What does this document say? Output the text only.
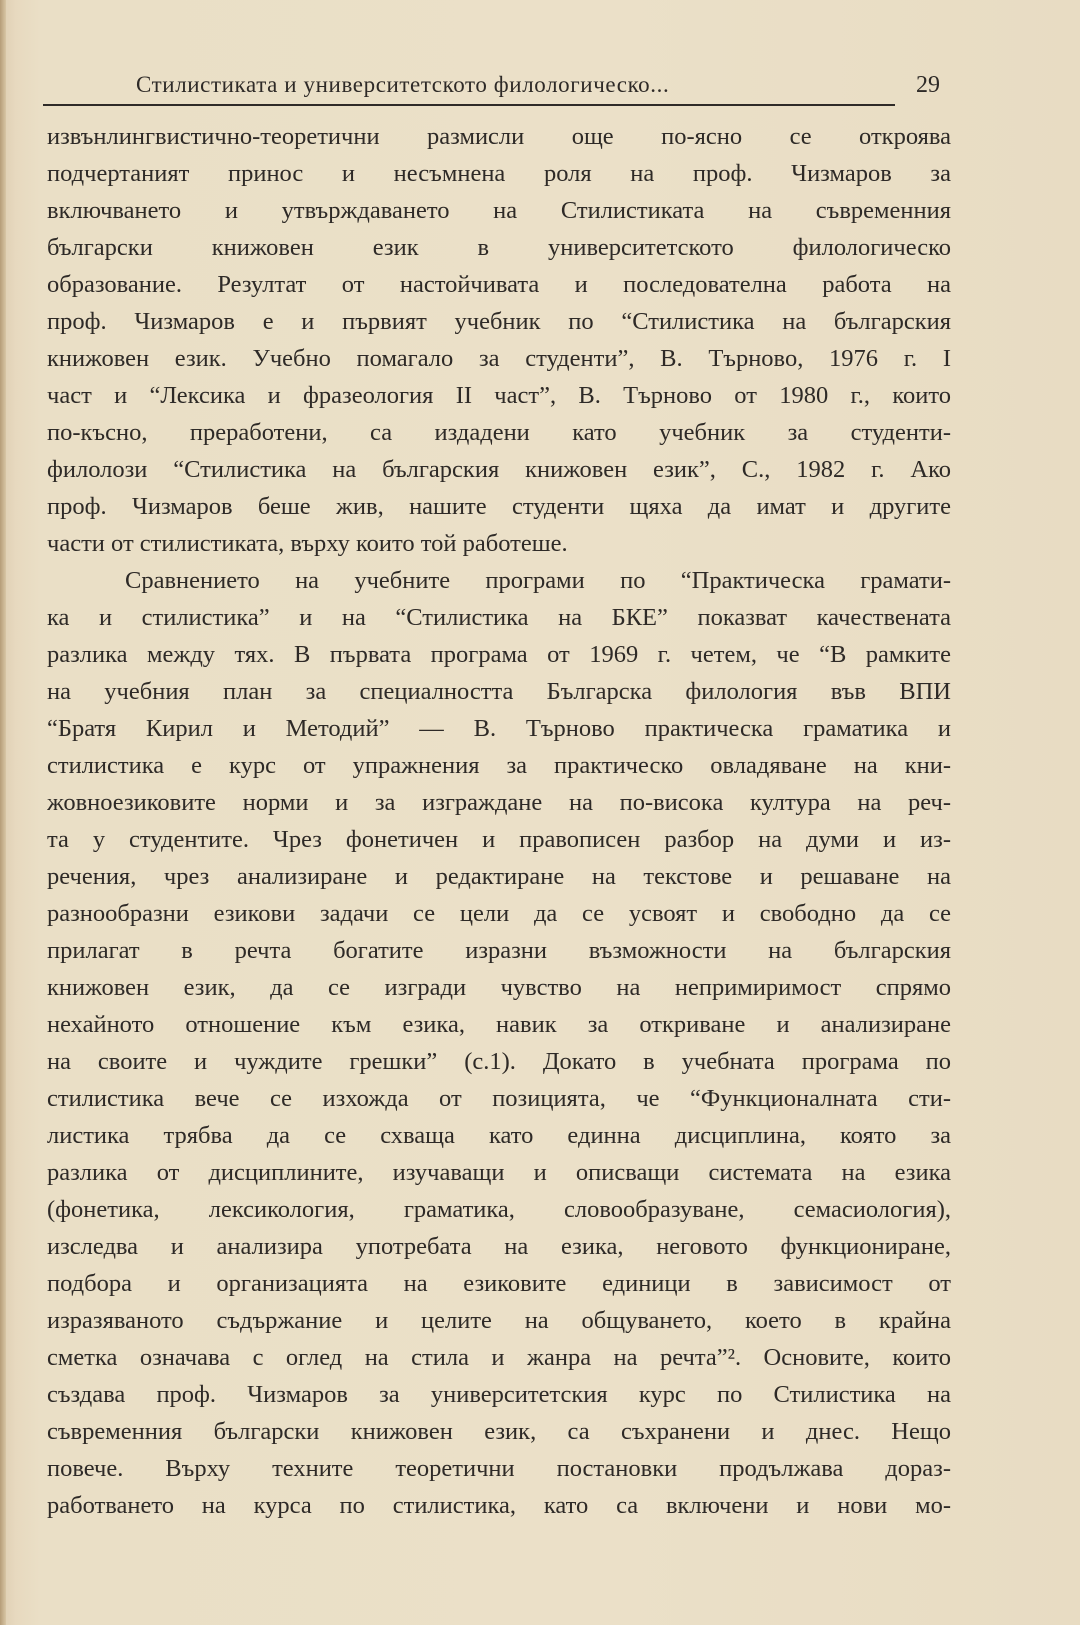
Стилистиката и университетското филологическо...	29
извънлингвистично-теоретични размисли още по-ясно се откроява
подчертаният принос и несъмнена роля на проф. Чизмаров за
включването и утвърждаването на Стилистиката на съвременния
български книжовен език в университетското филологическо
образование. Резултат от настойчивата и последователна работа на
проф. Чизмаров е и първият учебник по “Стилистика на българския
книжовен език. Учебно помагало за студенти”, В. Търново, 1976 г. I
част и “Лексика и фразеология II част”, В. Търново от 1980 г., които
по-късно, преработени, са издадени като учебник за студенти-
филолози “Стилистика на българския книжовен език”, С., 1982 г. Ако
проф. Чизмаров беше жив, нашите студенти щяха да имат и другите
части от стилистиката, върху които той работеше.
Сравнението на учебните програми по “Практическа грамати-
ка и стилистика” и на “Стилистика на БКЕ” показват качествената
разлика между тях. В първата програма от 1969 г. четем, че “В рамките
на учебния план за специалността Българска филология във ВПИ
“Братя Кирил и Методий” — В. Търново практическа граматика и
стилистика е курс от упражнения за практическо овладяване на кни-
жовноезиковите норми и за изграждане на по-висока култура на реч-
та у студентите. Чрез фонетичен и правописен разбор на думи и из-
речения, чрез анализиране и редактиране на текстове и решаване на
разнообразни езикови задачи се цели да се усвоят и свободно да се
прилагат в речта богатите изразни възможности на българския
книжовен език, да се изгради чувство на непримиримост спрямо
нехайното отношение към езика, навик за откриване и анализиране
на своите и чуждите грешки” (с.1). Докато в учебната програма по
стилистика вече се изхожда от позицията, че “Функционалната сти-
листика трябва да се схваща като единна дисциплина, която за
разлика от дисциплините, изучаващи и описващи системата на езика
(фонетика, лексикология, граматика, словообразуване, семасиология),
изследва и анализира употребата на езика, неговото функциониране,
подбора и организацията на езиковите единици в зависимост от
изразяваното съдържание и целите на общуването, което в крайна
сметка означава с оглед на стила и жанра на речта”². Основите, които
създава проф. Чизмаров за университетския курс по Стилистика на
съвременния български книжовен език, са съхранени и днес. Нещо
повече. Върху техните теоретични постановки продължава дораз-
работването на курса по стилистика, като са включени и нови мо-
